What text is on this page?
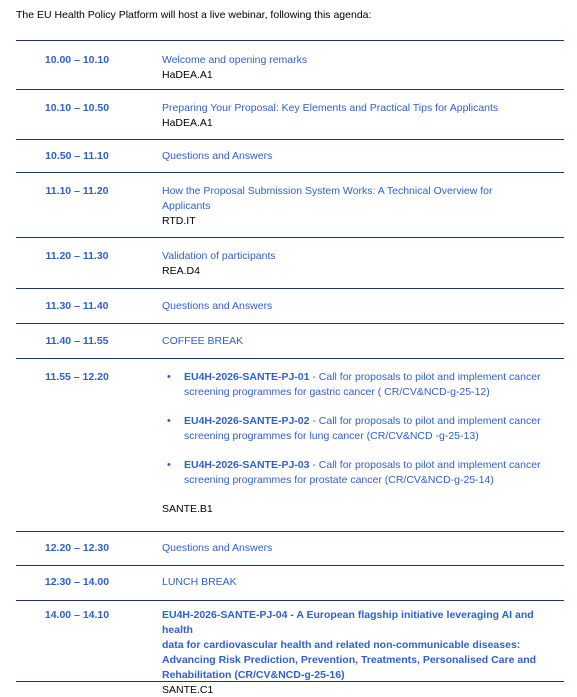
The EU Health Policy Platform will host a live webinar, following this agenda:
10.00 – 10.10	Welcome and opening remarks
HaDEA.A1
10.10 – 10.50	Preparing Your Proposal: Key Elements and Practical Tips for Applicants
HaDEA.A1
10.50 – 11.10	Questions and Answers
11.10 – 11.20	How the Proposal Submission System Works: A Technical Overview for
Applicants
RTD.IT
11.20 – 11.30	Validation of participants
REA.D4
11.30 – 11.40	Questions and Answers
11.40 – 11.55	COFFEE BREAK
11.55 – 12.20	• EU4H-2026-SANTE-PJ-01 - Call for proposals to pilot and implement cancer
screening programmes for gastric cancer ( CR/CV&NCD-g-25-12)
• EU4H-2026-SANTE-PJ-02 - Call for proposals to pilot and implement cancer
screening programmes for lung cancer (CR/CV&NCD -g-25-13)
• EU4H-2026-SANTE-PJ-03 - Call for proposals to pilot and implement cancer
screening programmes for prostate cancer (CR/CV&NCD-g-25-14)
SANTE.B1
12.20 – 12.30	Questions and Answers
12.30 – 14.00	LUNCH BREAK
14.00 – 14.10	EU4H-2026-SANTE-PJ-04 - A European flagship initiative leveraging AI and health
data for cardiovascular health and related non-communicable diseases:
Advancing Risk Prediction, Prevention, Treatments, Personalised Care and
Rehabilitation (CR/CV&NCD-g-25-16)
SANTE.C1
